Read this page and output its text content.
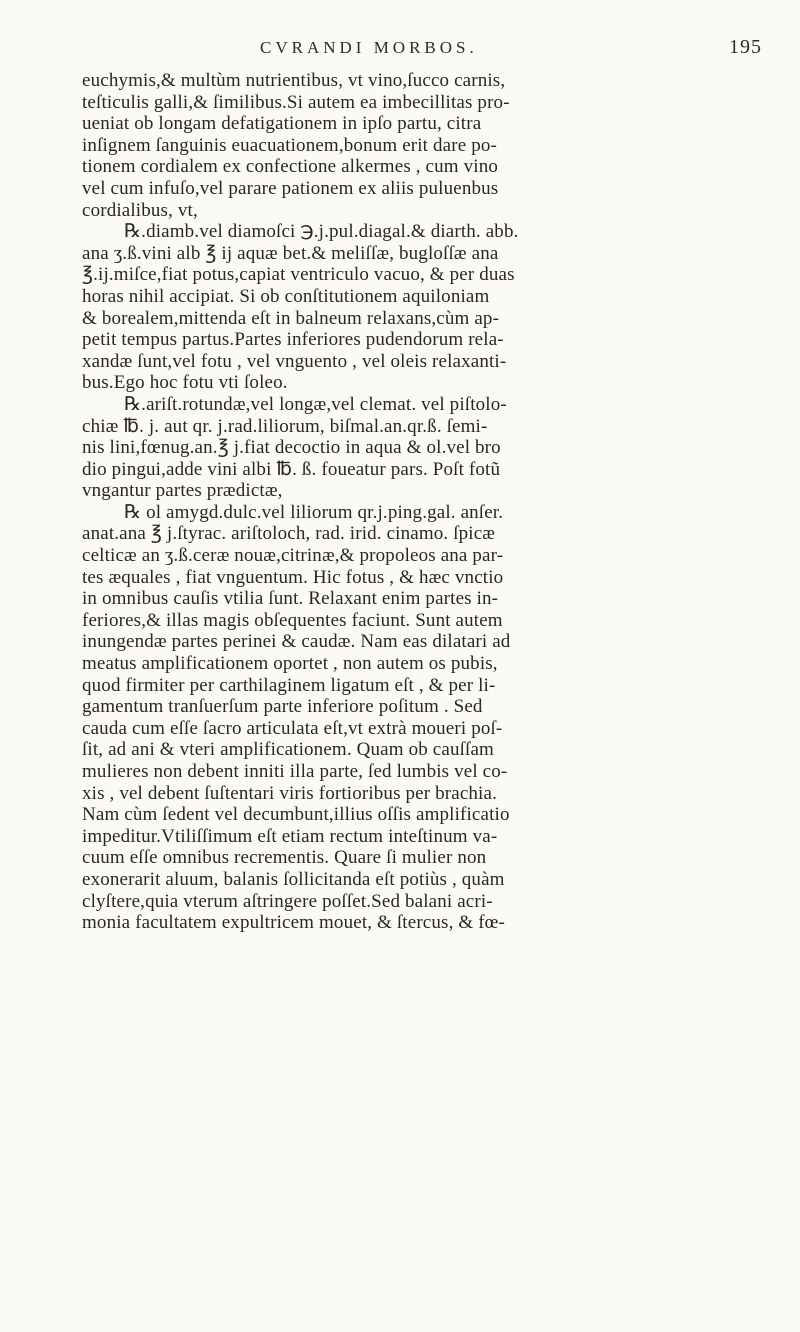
CVRANDI MORBOS.	195
euchymis,& multùm nutrientibus, vt vino,ſucco carnis,
teſticulis galli,& ſimilibus.Si autem ea imbecillitas pro-
ueniat ob longam defatigationem in ipſo partu, citra
inſignem ſanguinis euacuationem,bonum erit dare po-
tionem cordialem ex confectione alkermes , cum vino
vel cum infuſo,vel parare pationem ex aliis puluenbus
cordialibus, vt,
℞.diamb.vel diamoſci ℈.j.pul.diagal.& diarth. abb.
ana ʒ.ß.vini alb ℥ ij aquæ bet.& meliſſæ, bugloſſæ ana
℥.ij.miſce,fiat potus,capiat ventriculo vacuo, & per duas
horas nihil accipiat. Si ob conſtitutionem aquiloniam
& borealem,mittenda eſt in balneum relaxans,cùm ap-
petit tempus partus.Partes inferiores pudendorum rela-
xandæ ſunt,vel fotu , vel vnguento , vel oleis relaxanti-
bus.Ego hoc fotu vti ſoleo.
℞.ariſt.rotundæ,vel longæ,vel clemat. vel piſtolo-
chiæ ℔. j. aut qr. j.rad.liliorum, biſmal.an.qr.ß. ſemi-
nis lini,fœnug.an.℥ j.fiat decoctio in aqua & ol.vel bro
dio pingui,adde vini albi ℔. ß. foueatur pars. Poſt fotũ
vngantur partes prædictæ,
℞ ol amygd.dulc.vel liliorum qr.j.ping.gal. anſer.
anat.ana ℥ j.ſtyrac. ariſtoloch, rad. irid. cinamo. ſpicæ
celticæ an ʒ.ß.ceræ nouæ,citrinæ,& propoleos ana par-
tes æquales , fiat vnguentum. Hic fotus , & hæc vnctio
in omnibus cauſis vtilia ſunt. Relaxant enim partes in-
feriores,& illas magis obſequentes faciunt. Sunt autem
inungendæ partes perinei & caudæ. Nam eas dilatari ad
meatus amplificationem oportet , non autem os pubis,
quod firmiter per carthilaginem ligatum eſt , & per li-
gamentum tranſuerſum parte inferiore poſitum . Sed
cauda cum eſſe ſacro articulata eſt,vt extrà moueri poſ-
ſit, ad ani & vteri amplificationem. Quam ob cauſſam
mulieres non debent inniti illa parte, ſed lumbis vel co-
xis , vel debent ſuſtentari viris fortioribus per brachia.
Nam cùm ſedent vel decumbunt,illius oſſis amplificatio
impeditur.Vtiliſſimum eſt etiam rectum inteſtinum va-
cuum eſſe omnibus recrementis. Quare ſi mulier non
exonerarit aluum, balanis ſollicitanda eſt potiùs , quàm
clyſtere,quia vterum aſtringere poſſet.Sed balani acri-
monia facultatem expultricem mouet, & ſtercus, & fœ-
